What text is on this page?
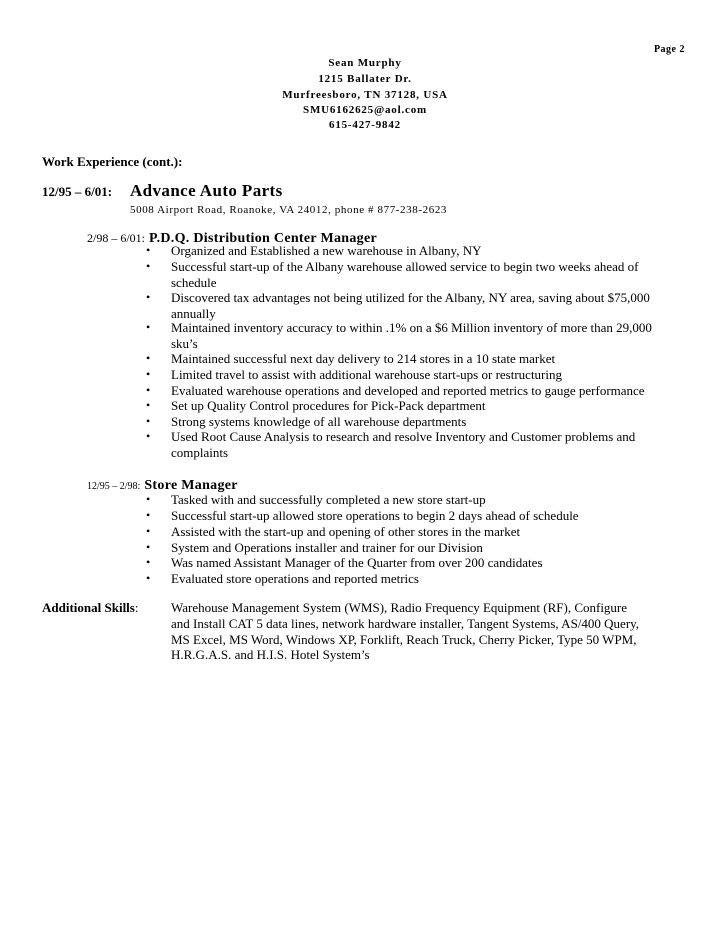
Page 2
Sean Murphy
1215 Ballater Dr.
Murfreesboro, TN 37128, USA
SMU6162625@aol.com
615-427-9842
Work Experience (cont.):
12/95 – 6/01: Advance Auto Parts
5008 Airport Road, Roanoke, VA 24012, phone # 877-238-2623
2/98 – 6/01: P.D.Q. Distribution Center Manager
• Organized and Established a new warehouse in Albany, NY
• Successful start-up of the Albany warehouse allowed service to begin two weeks ahead of schedule
• Discovered tax advantages not being utilized for the Albany, NY area, saving about $75,000 annually
• Maintained inventory accuracy to within .1% on a $6 Million inventory of more than 29,000 sku’s
• Maintained successful next day delivery to 214 stores in a 10 state market
• Limited travel to assist with additional warehouse start-ups or restructuring
• Evaluated warehouse operations and developed and reported metrics to gauge performance
• Set up Quality Control procedures for Pick-Pack department
• Strong systems knowledge of all warehouse departments
• Used Root Cause Analysis to research and resolve Inventory and Customer problems and complaints
12/95 – 2/98: Store Manager
• Tasked with and successfully completed a new store start-up
• Successful start-up allowed store operations to begin 2 days ahead of schedule
• Assisted with the start-up and opening of other stores in the market
• System and Operations installer and trainer for our Division
• Was named Assistant Manager of the Quarter from over 200 candidates
• Evaluated store operations and reported metrics
Additional Skills:	Warehouse Management System (WMS), Radio Frequency Equipment (RF), Configure and Install CAT 5 data lines, network hardware installer, Tangent Systems, AS/400 Query, MS Excel, MS Word, Windows XP, Forklift, Reach Truck, Cherry Picker, Type 50 WPM, H.R.G.A.S. and H.I.S. Hotel System’s
